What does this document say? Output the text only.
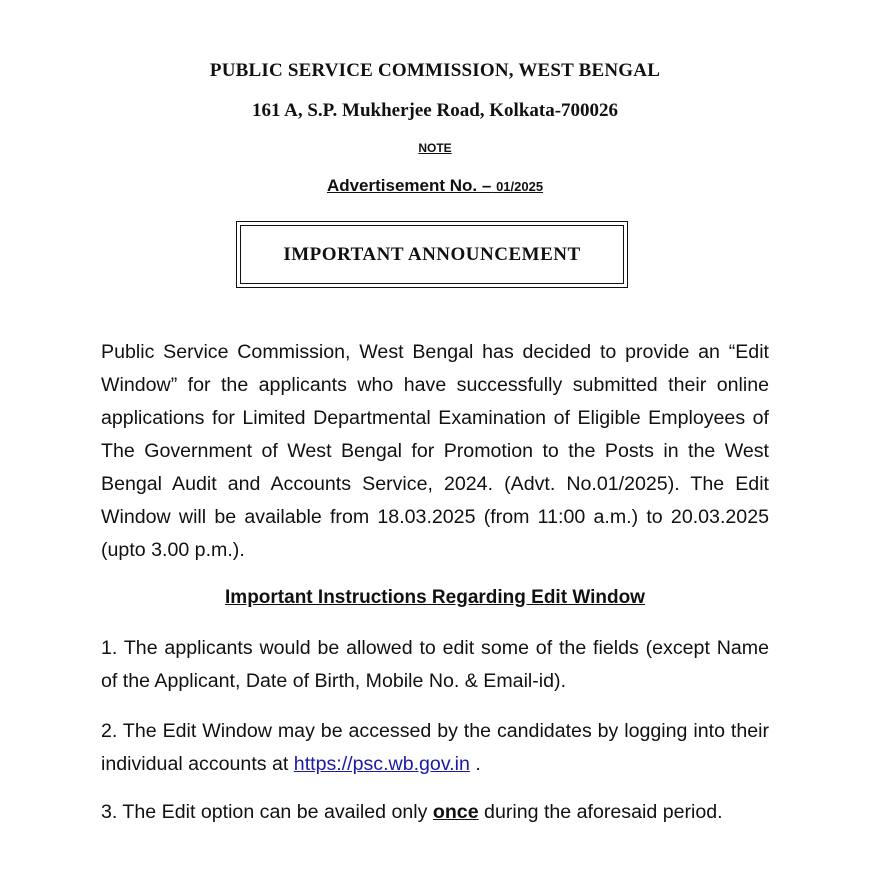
PUBLIC SERVICE COMMISSION, WEST BENGAL
161 A, S.P. Mukherjee Road, Kolkata-700026
NOTE
Advertisement No. – 01/2025
IMPORTANT ANNOUNCEMENT
Public Service Commission, West Bengal has decided to provide an “Edit Window” for the applicants who have successfully submitted their online applications for Limited Departmental Examination of Eligible Employees of The Government of West Bengal for Promotion to the Posts in the West Bengal Audit and Accounts Service, 2024. (Advt. No.01/2025). The Edit Window will be available from 18.03.2025 (from 11:00 a.m.) to 20.03.2025 (upto 3.00 p.m.).
Important Instructions Regarding Edit Window
1. The applicants would be allowed to edit some of the fields (except Name of the Applicant, Date of Birth, Mobile No. & Email-id).
2. The Edit Window may be accessed by the candidates by logging into their individual accounts at https://psc.wb.gov.in .
3. The Edit option can be availed only once during the aforesaid period.
